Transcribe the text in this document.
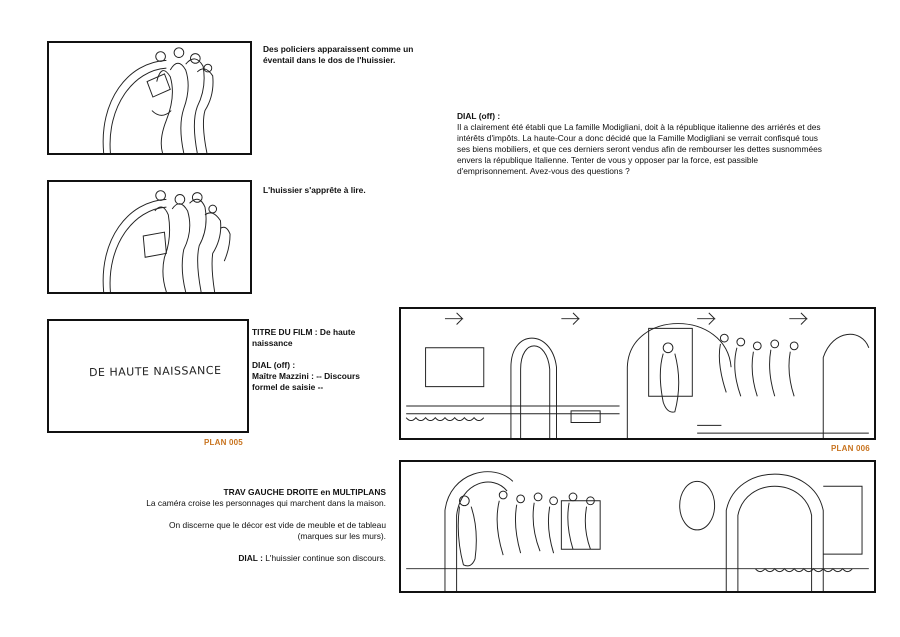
Des policiers apparaissent comme un éventail dans le dos de l'huissier.
DIAL (off) :
Il a clairement été établi que La famille Modigliani, doit à la république italienne des arriérés et des intérêts d'impôts. La haute-Cour a donc décidé que la Famille Modigliani se verrait confisqué tous ses biens mobiliers, et que ces derniers seront vendus afin de rembourser les dettes susnommées envers la république Italienne. Tenter de vous y opposer par la force, est passible d'emprisonnement. Avez-vous des questions ?
L'huissier s'apprête à lire.
DE HAUTE NAISSANCE
TITRE DU FILM : De haute naissance
DIAL (off) :
Maître Mazzini : -- Discours formel de saisie --
PLAN 005
PLAN 006
TRAV GAUCHE DROITE en MULTIPLANS
La caméra croise les personnages qui marchent dans la maison.
On discerne que le décor est vide de meuble et de tableau
(marques sur les murs).
DIAL : L'huissier continue son discours.
